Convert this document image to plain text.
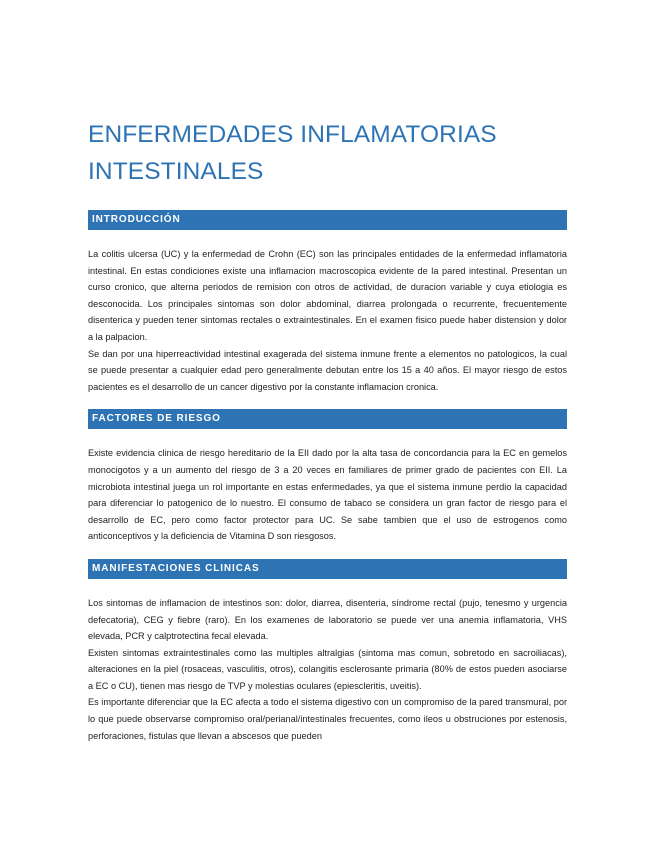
ENFERMEDADES INFLAMATORIAS
INTESTINALES
INTRODUCCIÓN

La colitis ulcersa (UC) y la enfermedad de Crohn (EC) son las principales entidades de la enfermedad inflamatoria intestinal. En estas condiciones existe una inflamacion macroscopica evidente de la pared intestinal. Presentan un curso cronico, que alterna periodos de remision con otros de actividad, de duracion variable y cuya etiologia es desconocida. Los principales sintomas son dolor abdominal, diarrea prolongada o recurrente, frecuentemente disenterica y pueden tener sintomas rectales o extraintestinales. En el examen fisico puede haber distension y dolor a la palpacion.

Se dan por una hiperreactividad intestinal exagerada del sistema inmune frente a elementos no patologicos, la cual se puede presentar a cualquier edad pero generalmente debutan entre los 15 a 40 años. El mayor riesgo de estos pacientes es el desarrollo de un cancer digestivo por la constante inflamacion cronica.

FACTORES DE RIESGO

Existe evidencia clinica de riesgo hereditario de la EII dado por la alta tasa de concordancia para la EC en gemelos monocigotos y a un aumento del riesgo de 3 a 20 veces en familiares de primer grado de pacientes con EII. La microbiota intestinal juega un rol importante en estas enfermedades, ya que el sistema inmune perdio la capacidad para diferenciar lo patogenico de lo nuestro. El consumo de tabaco se considera un gran factor de riesgo para el desarrollo de EC, pero como factor protector para UC. Se sabe tambien que el uso de estrogenos como anticonceptivos y la deficiencia de Vitamina D son riesgosos.

MANIFESTACIONES CLINICAS

Los sintomas de inflamacion de intestinos son: dolor, diarrea, disenteria, síndrome rectal (pujo, tenesmo y urgencia defecatoria), CEG y fiebre (raro). En los examenes de laboratorio se puede ver una anemia inflamatoria, VHS elevada, PCR y calptrotectina fecal elevada.

Existen sintomas extraintestinales como las multiples altralgias (sintoma mas comun, sobretodo en sacroiliacas), alteraciones en la piel (rosaceas, vasculitis, otros), colangitis esclerosante primaria (80% de estos pueden asociarse a EC o CU), tienen mas riesgo de TVP y molestias oculares (epiescleritis, uveitis).

Es importante diferenciar que la EC afecta a todo el sistema digestivo con un compromiso de la pared transmural, por lo que puede observarse compromiso oral/perianal/intestinales frecuentes, como ileos u obstruciones por estenosis, perforaciones, fistulas que llevan a abscesos que pueden
